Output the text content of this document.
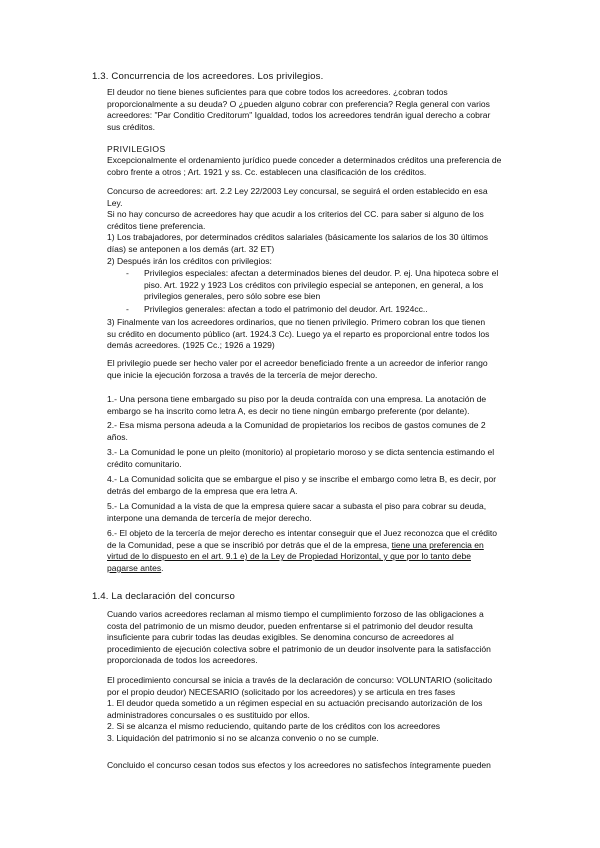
1.3. Concurrencia de los acreedores. Los privilegios.

El deudor no tiene bienes suficientes para que cobre todos los acreedores. ¿cobran todos
proporcionalmente a su deuda? O ¿pueden alguno cobrar con preferencia? Regla general con varios
acreedores: "Par Conditio Creditorum" Igualdad, todos los acreedores tendrán igual derecho a cobrar
sus créditos.

PRIVILEGIOS

Excepcionalmente el ordenamiento jurídico puede conceder a determinados créditos una preferencia de
cobro frente a otros ; Art. 1921 y ss. Cc. establecen una clasificación de los créditos.

Concurso de acreedores: art. 2.2 Ley 22/2003 Ley concursal, se seguirá el orden establecido en esa
Ley.
Si no hay concurso de acreedores hay que acudir a los criterios del CC. para saber si alguno de los
créditos tiene preferencia.
1) Los trabajadores, por determinados créditos salariales (básicamente los salarios de los 30 últimos
días) se anteponen a los demás (art. 32 ET)
2) Después irán los créditos con privilegios:

- Privilegios especiales: afectan a determinados bienes del deudor. P. ej. Una hipoteca sobre el
piso. Art. 1922 y 1923 Los créditos con privilegio especial se anteponen, en general, a los
privilegios generales, pero sólo sobre ese bien
- Privilegios generales: afectan a todo el patrimonio del deudor. Art. 1924cc..

3) Finalmente van los acreedores ordinarios, que no tienen privilegio. Primero cobran los que tienen
su crédito en documento público (art. 1924.3 Cc). Luego ya el reparto es proporcional entre todos los
demás acreedores. (1925 Cc.; 1926 a 1929)

El privilegio puede ser hecho valer por el acreedor beneficiado frente a un acreedor de inferior rango
que inicie la ejecución forzosa a través de la tercería de mejor derecho.

1.- Una persona tiene embargado su piso por la deuda contraída con una empresa. La anotación de
embargo se ha inscrito como letra A, es decir no tiene ningún embargo preferente (por delante).

2.- Esa misma persona adeuda a la Comunidad de propietarios los recibos de gastos comunes de 2
años.

3.- La Comunidad le pone un pleito (monitorio) al propietario moroso y se dicta sentencia estimando el
crédito comunitario.

4.- La Comunidad solicita que se embargue el piso y se inscribe el embargo como letra B, es decir, por
detrás del embargo de la empresa que era letra A.

5.- La Comunidad a la vista de que la empresa quiere sacar a subasta el piso para cobrar su deuda,
interpone una demanda de tercería de mejor derecho.

6.- El objeto de la tercería de mejor derecho es intentar conseguir que el Juez reconozca que el crédito
de la Comunidad, pese a que se inscribió por detrás que el de la empresa, tiene una preferencia en
virtud de lo dispuesto en el art. 9.1 e) de la Ley de Propiedad Horizontal, y que por lo tanto debe
pagarse antes.

1.4. La declaración del concurso

Cuando varios acreedores reclaman al mismo tiempo el cumplimiento forzoso de las obligaciones a
costa del patrimonio de un mismo deudor, pueden enfrentarse si el patrimonio del deudor resulta
insuficiente para cubrir todas las deudas exigibles. Se denomina concurso de acreedores al
procedimiento de ejecución colectiva sobre el patrimonio de un deudor insolvente para la satisfacción
proporcionada de todos los acreedores.

El procedimiento concursal se inicia a través de la declaración de concurso: VOLUNTARIO (solicitado
por el propio deudor) NECESARIO (solicitado por los acreedores) y se articula en tres fases
1. El deudor queda sometido a un régimen especial en su actuación precisando autorización de los
administradores concursales o es sustituido por ellos.
2. Si se alcanza el mismo reduciendo, quitando parte de los créditos con los acreedores
3. Liquidación del patrimonio si no se alcanza convenio o no se cumple.

Concluido el concurso cesan todos sus efectos y los acreedores no satisfechos íntegramente pueden
